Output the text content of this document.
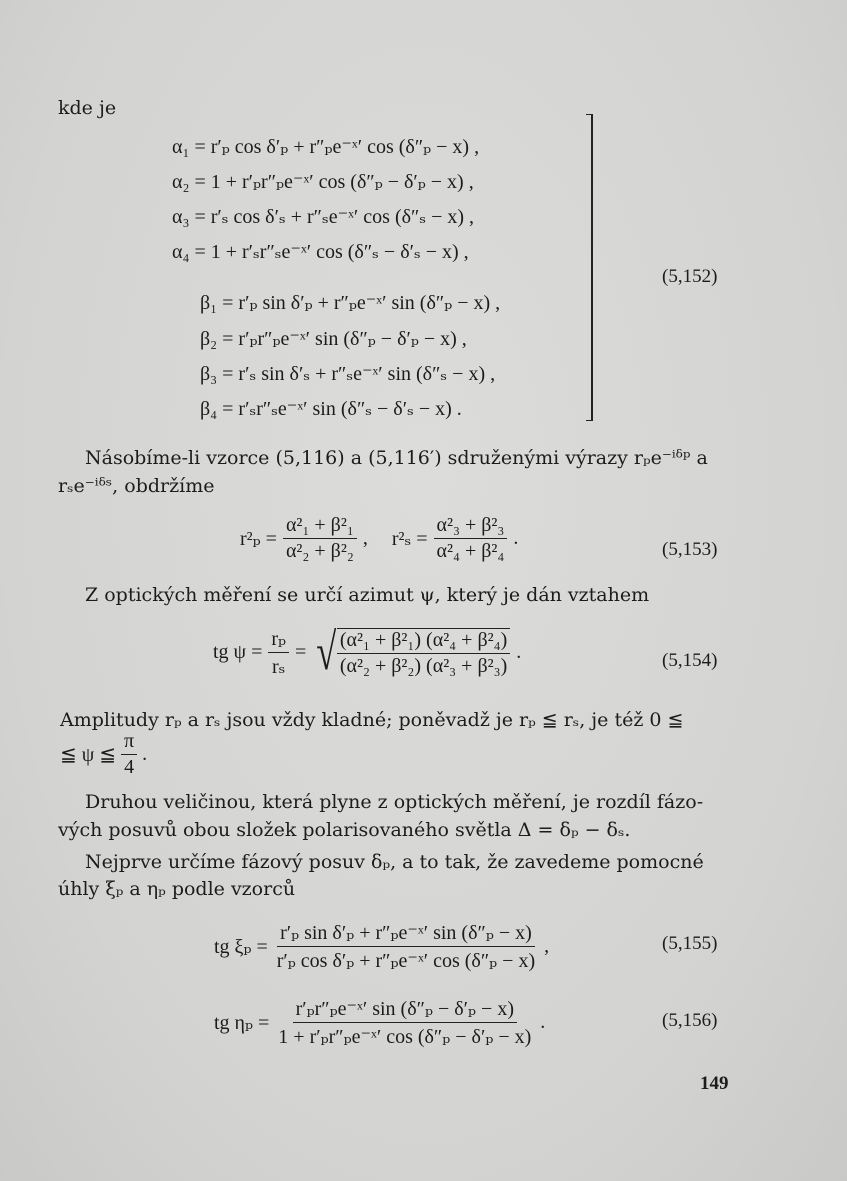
kde je
α₁ = r′ₚ cos δ′ₚ + r″ₚe⁻ˣ′ cos (δ″ₚ − x) ,
α₂ = 1 + r′ₚr″ₚe⁻ˣ′ cos (δ″ₚ − δ′ₚ − x) ,
α₃ = r′ₛ cos δ′ₛ + r″ₛe⁻ˣ′ cos (δ″ₛ − x) ,
α₄ = 1 + r′ₛr″ₛe⁻ˣ′ cos (δ″ₛ − δ′ₛ − x) ,
β₁ = r′ₚ sin δ′ₚ + r″ₚe⁻ˣ′ sin (δ″ₚ − x) ,
β₂ = r′ₚr″ₚe⁻ˣ′ sin (δ″ₚ − δ′ₚ − x) ,
β₃ = r′ₛ sin δ′ₛ + r″ₛe⁻ˣ′ sin (δ″ₛ − x) ,
β₄ = r′ₛr″ₛe⁻ˣ′ sin (δ″ₛ − δ′ₛ − x) .
(5,152)
Násobíme-li vzorce (5,116) a (5,116′) sdruženými výrazy rₚe⁻ⁱᵟᵖ a
rₛe⁻ⁱᵟˢ, obdržíme
$r^2_p = \frac{\text{α²₁ + β²₁}}{\text{α²₂ + β²₂}}$ , $r^2_s = \frac{\text{α²₃ + β²₃}}{\text{α²₄ + β²₄}}$ .
(5,153)
Z optických měření se určí azimut ψ, který je dán vztahem
tg $\psi = \frac{\text{rₚ}}{\text{rₛ}}$ = √ $\frac{\text{(α²₁ + β²₁) (α²₄ + β²₄)}}{\text{(α²₂ + β²₂) (α²₃ + β²₃)}}$ .	(5,154)
Amplitudy rₚ a rₛ jsou vždy kladné; poněvadž je rₚ ≦ rₛ, je též 0 ≦
≦ ψ ≦ $\frac{\pi}{4}$ .
Druhou veličinou, která plyne z optických měření, je rozdíl fázo-
vých posuvů obou složek polarisovaného světla Δ = δₚ − δₛ.
Nejprve určíme fázový posuv δₚ, a to tak, že zavedeme pomocné
úhly ξₚ a ηₚ podle vzorců
tg $\xi_p = \frac{\text{r′ₚ sin δ′ₚ + r″ₚe⁻ˣ′ sin (δ″ₚ − x)}}{\text{r′ₚ cos δ′ₚ + r″ₚe⁻ˣ′ cos (δ″ₚ − x)}}$ ,	(5,155)
tg $\eta_p = \frac{\text{r′ₚr″ₚe⁻ˣ′ sin (δ″ₚ − δ′ₚ − x)}}{\text{1 + r′ₚr″ₚe⁻ˣ′ cos (δ″ₚ − δ′ₚ − x)}}$ .	(5,156)
149
